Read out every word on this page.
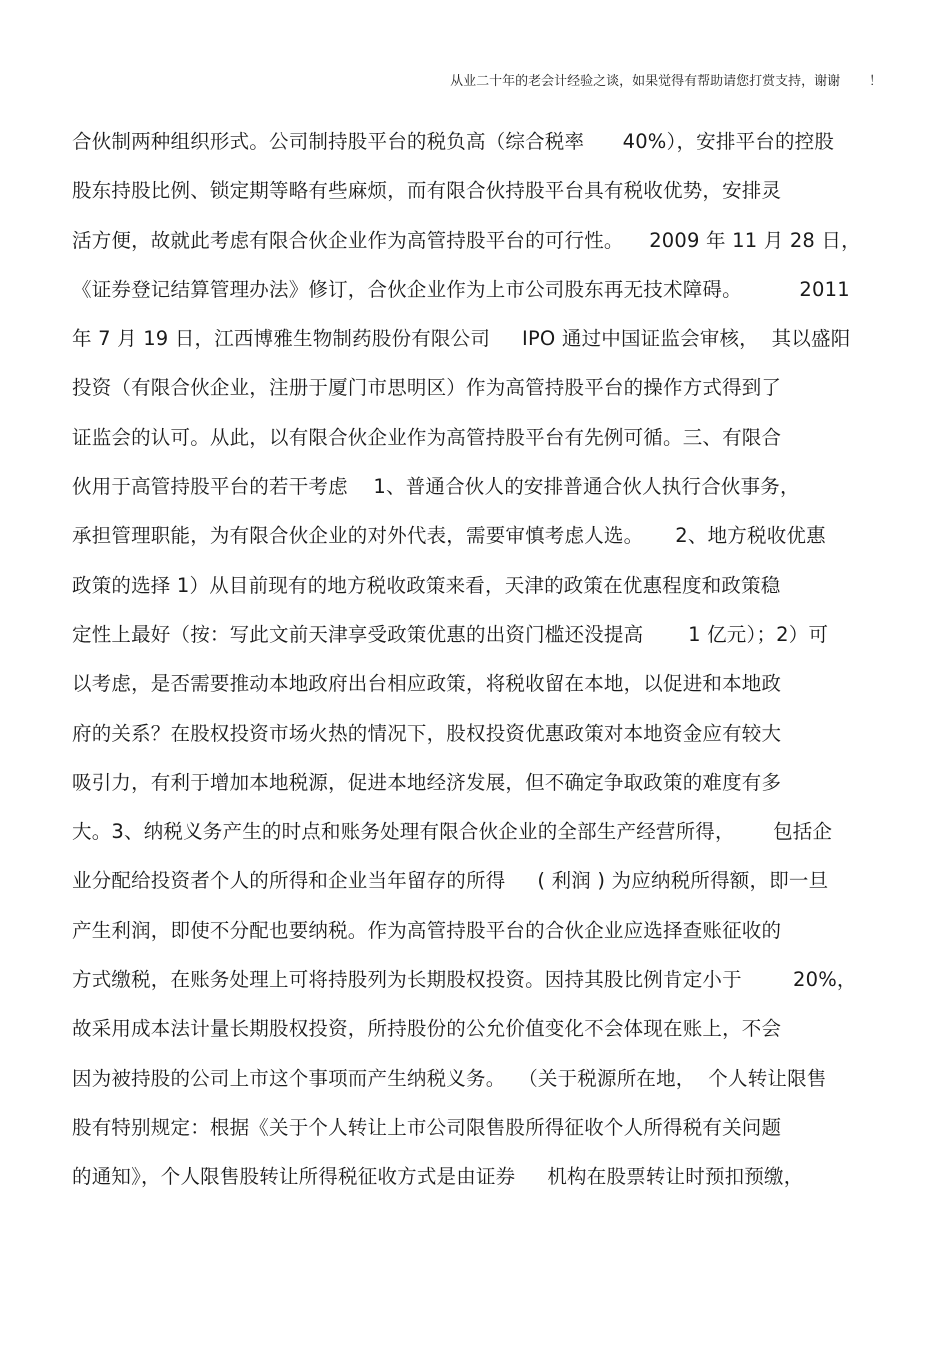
从业二十年的老会计经验之谈，如果觉得有帮助请您打赏支持，谢谢       ！
合伙制两种组织形式。公司制持股平台的税负高（综合税率      40%），安排平台的控股
股东持股比例、锁定期等略有些麻烦，而有限合伙持股平台具有税收优势，安排灵
活方便，故就此考虑有限合伙企业作为高管持股平台的可行性。    2009 年 11 月 28 日，
《证券登记结算管理办法》修订，合伙企业作为上市公司股东再无技术障碍。         2011
年 7 月 19 日，江西博雅生物制药股份有限公司     IPO 通过中国证监会审核，  其以盛阳
投资（有限合伙企业，注册于厦门市思明区）作为高管持股平台的操作方式得到了
证监会的认可。从此，以有限合伙企业作为高管持股平台有先例可循。三、有限合
伙用于高管持股平台的若干考虑    1、普通合伙人的安排普通合伙人执行合伙事务，
承担管理职能，为有限合伙企业的对外代表，需要审慎考虑人选。     2、地方税收优惠
政策的选择 1）从目前现有的地方税收政策来看，天津的政策在优惠程度和政策稳
定性上最好（按：写此文前天津享受政策优惠的出资门槛还没提高       1 亿元）；2）可
以考虑，是否需要推动本地政府出台相应政策，将税收留在本地，以促进和本地政
府的关系？在股权投资市场火热的情况下，股权投资优惠政策对本地资金应有较大
吸引力，有利于增加本地税源，促进本地经济发展，但不确定争取政策的难度有多
大。3、纳税义务产生的时点和账务处理有限合伙企业的全部生产经营所得，      包括企
业分配给投资者个人的所得和企业当年留存的所得     ( 利润 ) 为应纳税所得额，即一旦
产生利润，即使不分配也要纳税。作为高管持股平台的合伙企业应选择查账征收的
方式缴税，在账务处理上可将持股列为长期股权投资。因持其股比例肯定小于        20%，
故采用成本法计量长期股权投资，所持股份的公允价值变化不会体现在账上，不会
因为被持股的公司上市这个事项而产生纳税义务。  （关于税源所在地，  个人转让限售
股有特别规定：根据《关于个人转让上市公司限售股所得征收个人所得税有关问题
的通知》，个人限售股转让所得税征收方式是由证券     机构在股票转让时预扣预缴，
